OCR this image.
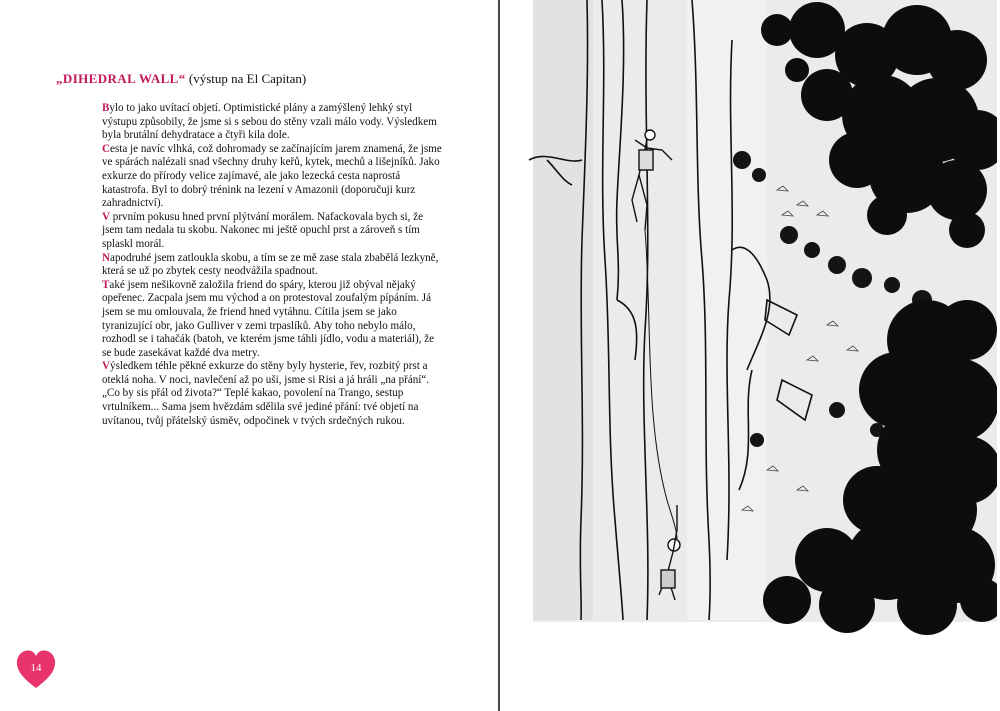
„DIHEDRAL WALL“ (výstup na El Capitan)

Bylo to jako uvítací objetí. Optimistické plány a zamýšlený lehký styl výstupu způsobily, že jsme si s sebou do stěny vzali málo vody. Výsledkem byla brutální dehydratace a čtyři kila dole.

Cesta je navíc vlhká, což dohromady se začínajícím jarem znamená, že jsme ve spárách nalézali snad všechny druhy keřů, kytek, mechů a lišejníků. Jako exkurze do přírody velice zajímavé, ale jako lezecká cesta naprostá katastrofa. Byl to dobrý trénink na lezení v Amazonii (doporučuji kurz zahradnictví).

V prvním pokusu hned první plýtvání morálem. Nafackovala bych si, že jsem tam nedala tu skobu. Nakonec mi ještě opuchl prst a zároveň s tím splaskl morál.

Napodruhé jsem zatloukla skobu, a tím se ze mě zase stala zbabělá lezkyně, která se už po zbytek cesty neodvážila spadnout.

Také jsem nešikovně založila friend do spáry, kterou již obýval nějaký opeřenec. Zacpala jsem mu východ a on protestoval zoufalým pípáním. Já jsem se mu omlouvala, že friend hned vytáhnu. Cítila jsem se jako tyranizující obr, jako Gulliver v zemi trpaslíků. Aby toho nebylo málo, rozhodl se i tahačák (batoh, ve kterém jsme táhli jídlo, vodu a materiál), že se bude zasekávat každé dva metry.

Výsledkem téhle pěkné exkurze do stěny byly hysterie, řev, rozbitý prst a oteklá noha. V noci, navlečení až po uši, jsme si Risi a já hráli „na přání“.

„Co by sis přál od života?“ Teplé kakao, povolení na Trango, sestup vrtulníkem... Sama jsem hvězdám sdělila své jediné přání: tvé objetí na uvítanou, tvůj přátelský úsměv, odpočinek v tvých srdečných rukou.

14
